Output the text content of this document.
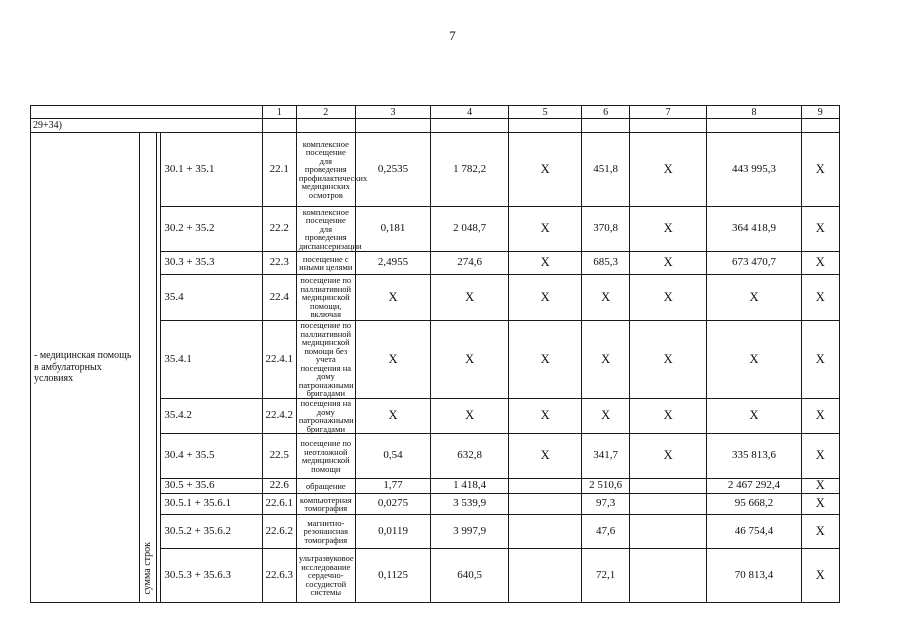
7
				1	2	3	4	5	6	7	8	9
29+34)												
- медицинская помощь в амбулаторных условиях	сумма строк		30.1 + 35.1	22.1	комплексное посещение для проведения профилактических медицинских осмотров	0,2535	1 782,2	Х	451,8	Х	443 995,3	Х
			30.2 + 35.2	22.2	комплексное посещение для проведения диспансеризации	0,181	2 048,7	Х	370,8	Х	364 418,9	Х
			30.3 + 35.3	22.3	посещение с иными целями	2,4955	274,6	Х	685,3	Х	673 470,7	Х
			35.4	22.4	посещение по паллиативной медицинской помощи, включая	Х	Х	Х	Х	Х	Х	Х
			35.4.1	22.4.1	посещение по паллиативной медицинской помощи без учета посещения на дому патронажными бригадами	Х	Х	Х	Х	Х	Х	Х
			35.4.2	22.4.2	посещения на дому патронажными бригадами	Х	Х	Х	Х	Х	Х	Х
			30.4 + 35.5	22.5	посещение по неотложной медицинской помощи	0,54	632,8	Х	341,7	Х	335 813,6	Х
			30.5 + 35.6	22.6	обращение	1,77	1 418,4		2 510,6		2 467 292,4	Х
			30.5.1 + 35.6.1	22.6.1	компьютерная томография	0,0275	3 539,9		97,3		95 668,2	Х
			30.5.2 + 35.6.2	22.6.2	магнитно-резонансная томография	0,0119	3 997,9		47,6		46 754,4	Х
			30.5.3 + 35.6.3	22.6.3	ультразвуковое исследование сердечно-сосудистой системы	0,1125	640,5		72,1		70 813,4	Х
